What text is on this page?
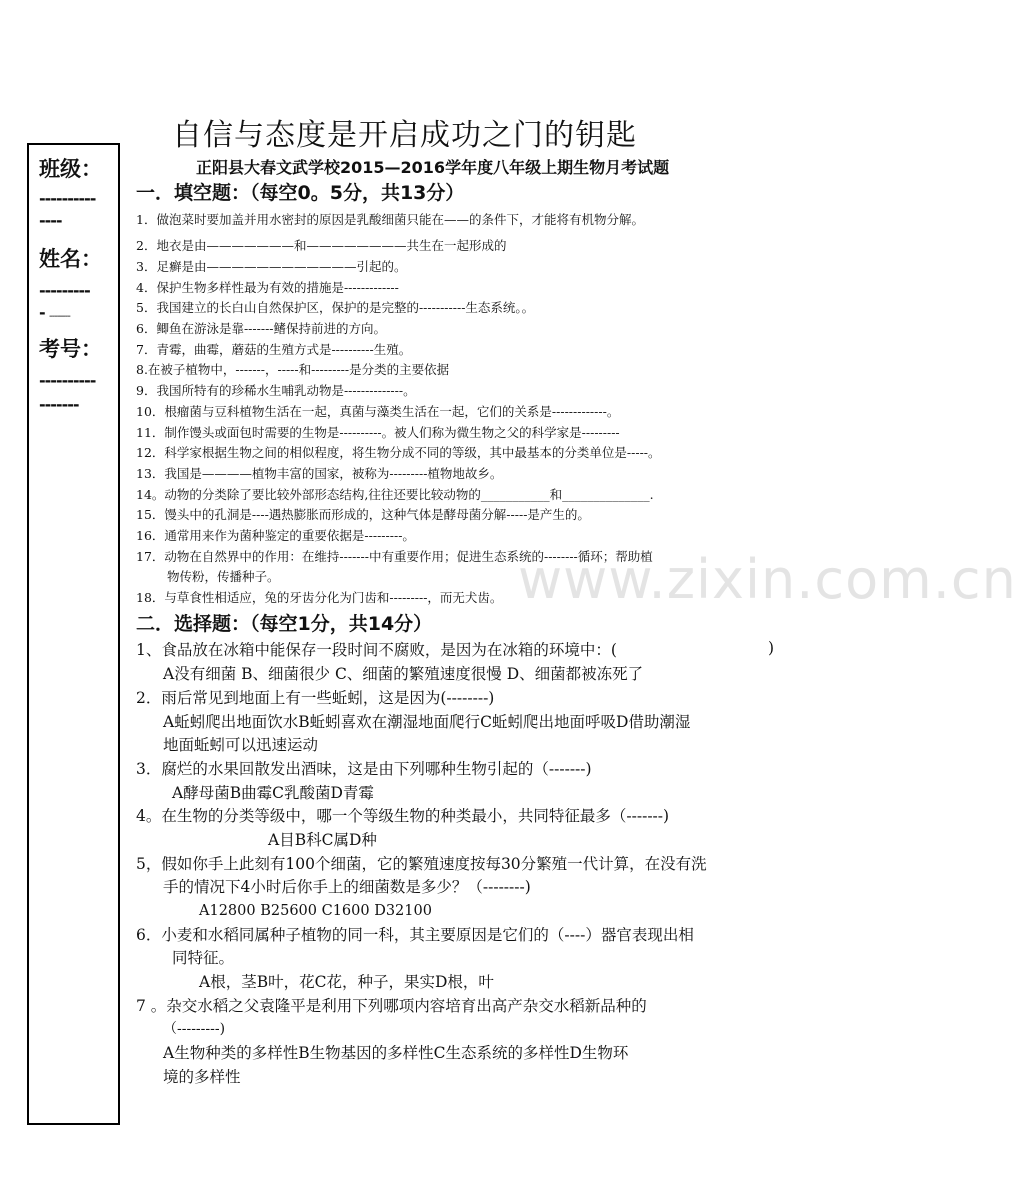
自信与态度是开启成功之门的钥匙
班级：
----------
----
姓名：
---------
- --------
考号：
----------
-------
正阳县大春文武学校2015—2016学年度八年级上期生物月考试题
一．填空题：（每空0。5分，共13分）
1．做泡菜时要加盖并用水密封的原因是乳酸细菌只能在——的条件下，才能将有机物分解。
2．地衣是由———————和————————共生在一起形成的
3．足癣是由————————————引起的。
4．保护生物多样性最为有效的措施是-------------
5．我国建立的长白山自然保护区，保护的是完整的-----------生态系统。。
6．鲫鱼在游泳是靠-------鳍保持前进的方向。
7．青霉，曲霉，蘑菇的生殖方式是----------生殖。
8.在被子植物中，-------，-----和---------是分类的主要依据
9．我国所特有的珍稀水生哺乳动物是--------------。
10．根瘤菌与豆科植物生活在一起，真菌与藻类生活在一起，它们的关系是-------------。
11．制作馒头或面包时需要的生物是----------。被人们称为微生物之父的科学家是---------
12．科学家根据生物之间的相似程度，将生物分成不同的等级，其中最基本的分类单位是-----。
13．我国是————植物丰富的国家，被称为---------植物地故乡。
14。动物的分类除了要比较外部形态结构,往往还要比较动物的___________和______________.
15．馒头中的孔洞是----遇热膨胀而形成的，这种气体是酵母菌分解-----是产生的。
16．通常用来作为菌种鉴定的重要依据是---------。
17．动物在自然界中的作用：在维持-------中有重要作用；促进生态系统的--------循环；帮助植
物传粉，传播种子。
18．与草食性相适应，兔的牙齿分化为门齿和---------，而无犬齿。 www.zixin.com.cn
二．选择题：（每空1分，共14分）
1、食品放在冰箱中能保存一段时间不腐败，是因为在冰箱的环境中：(	)
A没有细菌 B、细菌很少 C、细菌的繁殖速度很慢 D、细菌都被冻死了
2．雨后常见到地面上有一些蚯蚓，这是因为(--------)
A蚯蚓爬出地面饮水B蚯蚓喜欢在潮湿地面爬行C蚯蚓爬出地面呼吸D借助潮湿
地面蚯蚓可以迅速运动
3．腐烂的水果回散发出酒味，这是由下列哪种生物引起的（-------)
A酵母菌B曲霉C乳酸菌D青霉
4。在生物的分类等级中，哪一个等级生物的种类最小，共同特征最多（-------)
A目B科C属D种
5，假如你手上此刻有100个细菌，它的繁殖速度按每30分繁殖一代计算，在没有洗
手的情况下4小时后你手上的细菌数是多少？（--------)
A12800 B25600 C1600 D32100
6．小麦和水稻同属种子植物的同一科，其主要原因是它们的（----）器官表现出相
同特征。
A根，茎B叶，花C花，种子，果实D根，叶
7 。杂交水稻之父袁隆平是利用下列哪项内容培育出高产杂交水稻新品种的
（---------)
A生物种类的多样性B生物基因的多样性C生态系统的多样性D生物环
境的多样性
